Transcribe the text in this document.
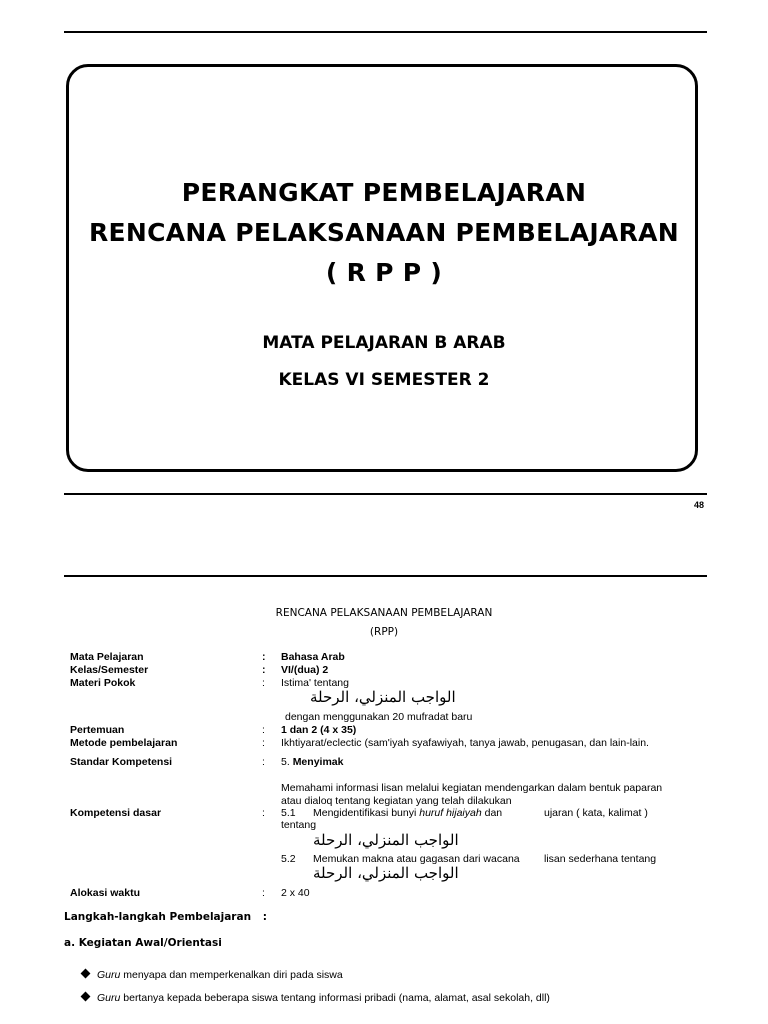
PERANGKAT PEMBELAJARAN
RENCANA PELAKSANAAN PEMBELAJARAN
( R P P )
MATA PELAJARAN B ARAB
KELAS VI SEMESTER 2
48
RENCANA PELAKSANAAN PEMBELAJARAN
(RPP)
Mata Pelajaran	: Bahasa Arab
Kelas/Semester	: VI/(dua) 2
Materi Pokok	: Istima' tentang
الواجب المنزلي، الرحلة
dengan menggunakan 20 mufradat baru
Pertemuan	: 1 dan 2 (4 x 35)
Metode pembelajaran	: Ikhtiyarat/eclectic (sam'iyah syafawiyah, tanya jawab, penugasan, dan lain-lain.
Standar Kompetensi	: 5. Menyimak
Memahami informasi lisan melalui kegiatan mendengarkan dalam bentuk paparan
atau dialoq tentang kegiatan yang telah dilakukan
Kompetensi dasar	: 5.1 Mengidentifikasi bunyi huruf hijaiyah dan	ujaran ( kata, kalimat )
tentang
الواجب المنزلي، الرحلة
5.2 Memukan makna atau gagasan dari wacana lisan sederhana tentang
الواجب المنزلي، الرحلة
Alokasi waktu	: 2 x 40
Langkah-langkah Pembelajaran :
a. Kegiatan Awal/Orientasi
Guru menyapa dan memperkenalkan diri pada siswa
Guru bertanya kepada beberapa siswa tentang informasi pribadi (nama, alamat, asal sekolah, dll)
